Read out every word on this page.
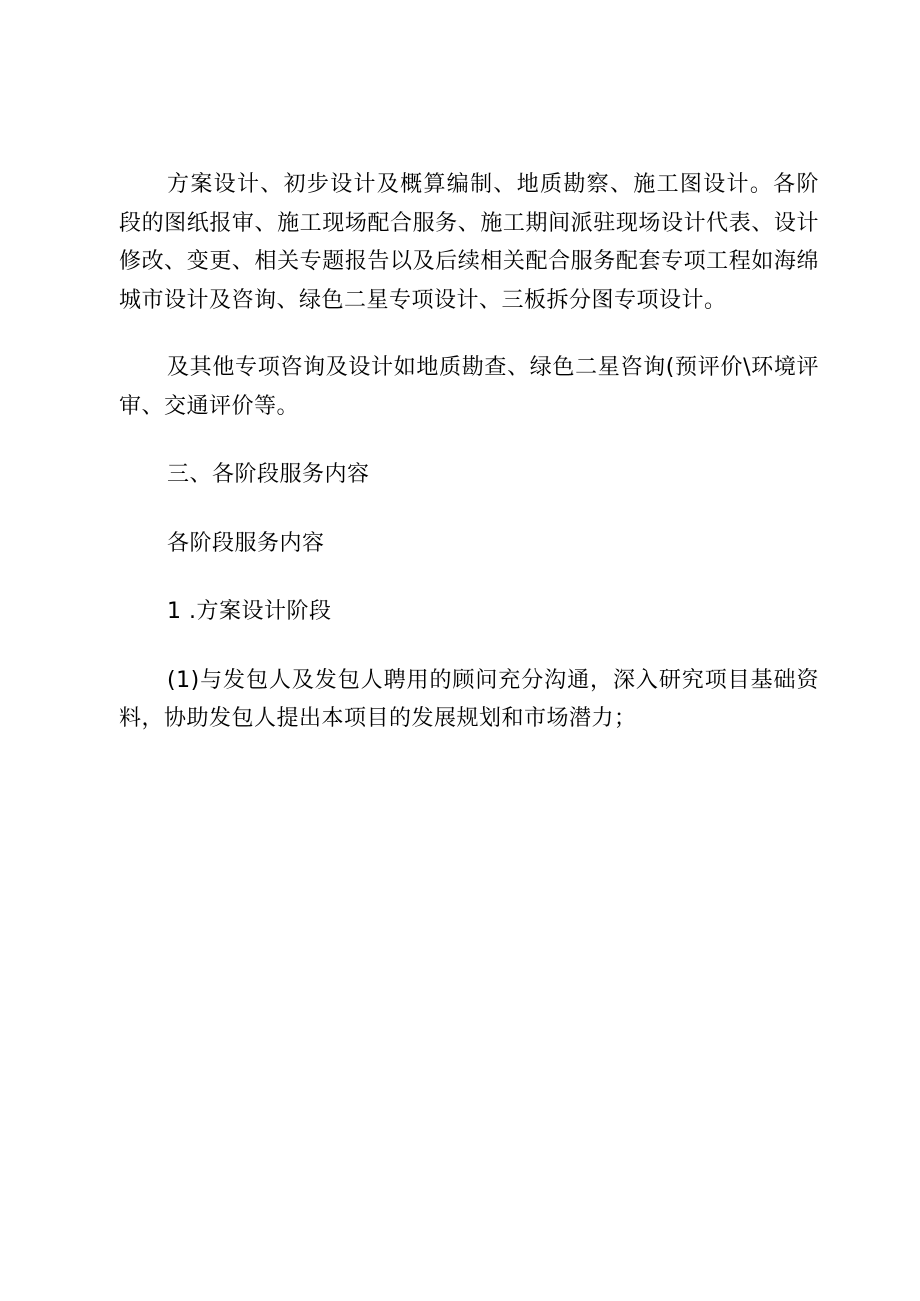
方案设计、初步设计及概算编制、地质勘察、施工图设计。各阶段的图纸报审、施工现场配合服务、施工期间派驻现场设计代表、设计修改、变更、相关专题报告以及后续相关配合服务配套专项工程如海绵城市设计及咨询、绿色二星专项设计、三板拆分图专项设计。

及其他专项咨询及设计如地质勘查、绿色二星咨询(预评价\环境评审、交通评价等。

三、各阶段服务内容

各阶段服务内容

1 .方案设计阶段

(1)与发包人及发包人聘用的顾问充分沟通，深入研究项目基础资料，协助发包人提出本项目的发展规划和市场潜力；
